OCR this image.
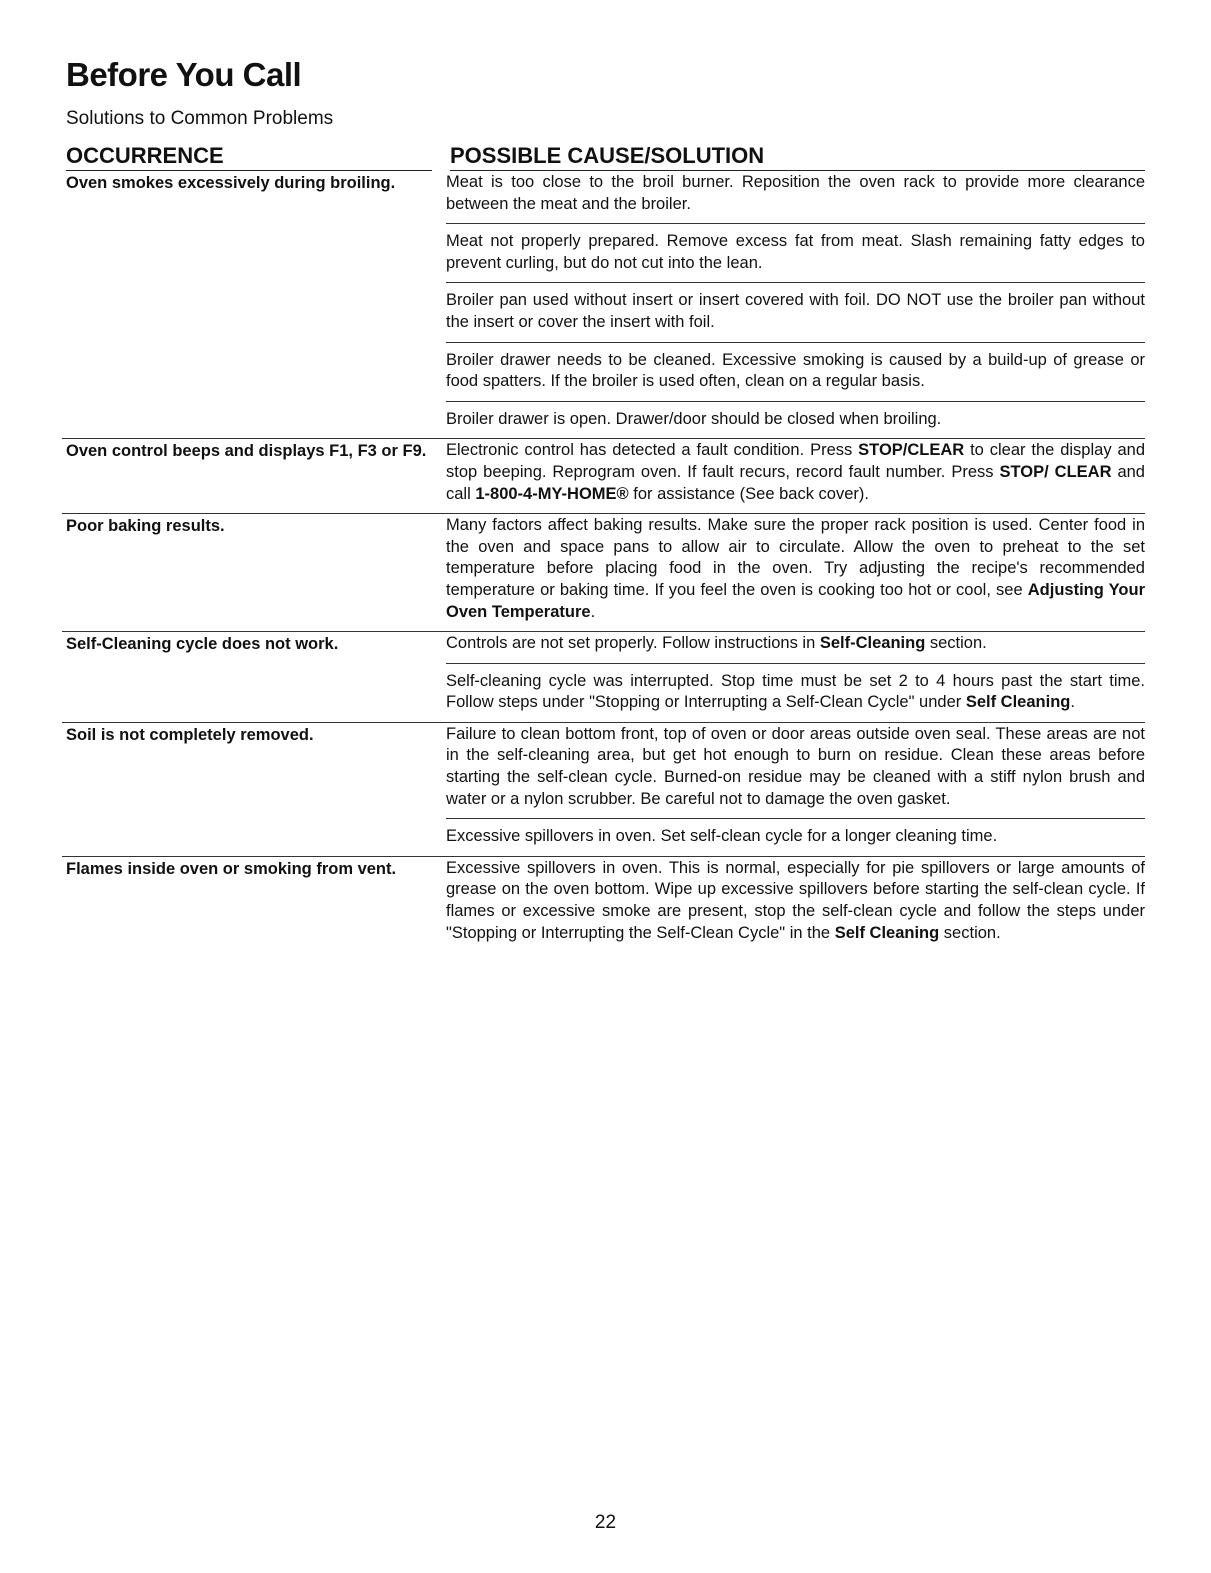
Before You Call

Solutions to Common Problems

OCCURRENCE	POSSIBLE CAUSE/SOLUTION
Oven smokes excessively during broiling.	Meat is too close to the broil burner. Reposition the oven rack to provide more clearance between the meat and the broiler.
Meat not properly prepared. Remove excess fat from meat. Slash remaining fatty edges to prevent curling, but do not cut into the lean.
Broiler pan used without insert or insert covered with foil. DO NOT use the broiler pan without the insert or cover the insert with foil.
Broiler drawer needs to be cleaned. Excessive smoking is caused by a build-up of grease or food spatters. If the broiler is used often, clean on a regular basis.
Broiler drawer is open. Drawer/door should be closed when broiling.
Oven control beeps and displays F1, F3 or F9.	Electronic control has detected a fault condition. Press STOP/CLEAR to clear the display and stop beeping. Reprogram oven. If fault recurs, record fault number. Press STOP/ CLEAR and call 1-800-4-MY-HOME® for assistance (See back cover).
Poor baking results.	Many factors affect baking results. Make sure the proper rack position is used. Center food in the oven and space pans to allow air to circulate. Allow the oven to preheat to the set temperature before placing food in the oven. Try adjusting the recipe's recommended temperature or baking time. If you feel the oven is cooking too hot or cool, see Adjusting Your Oven Temperature.
Self-Cleaning cycle does not work.	Controls are not set properly. Follow instructions in Self-Cleaning section.
Self-cleaning cycle was interrupted. Stop time must be set 2 to 4 hours past the start time. Follow steps under "Stopping or Interrupting a Self-Clean Cycle" under Self Cleaning.
Soil is not completely removed.	Failure to clean bottom front, top of oven or door areas outside oven seal. These areas are not in the self-cleaning area, but get hot enough to burn on residue. Clean these areas before starting the self-clean cycle. Burned-on residue may be cleaned with a stiff nylon brush and water or a nylon scrubber. Be careful not to damage the oven gasket.
Excessive spillovers in oven. Set self-clean cycle for a longer cleaning time.
Flames inside oven or smoking from vent.	Excessive spillovers in oven. This is normal, especially for pie spillovers or large amounts of grease on the oven bottom. Wipe up excessive spillovers before starting the self-clean cycle. If flames or excessive smoke are present, stop the self-clean cycle and follow the steps under "Stopping or Interrupting the Self-Clean Cycle" in the Self Cleaning section.
22
